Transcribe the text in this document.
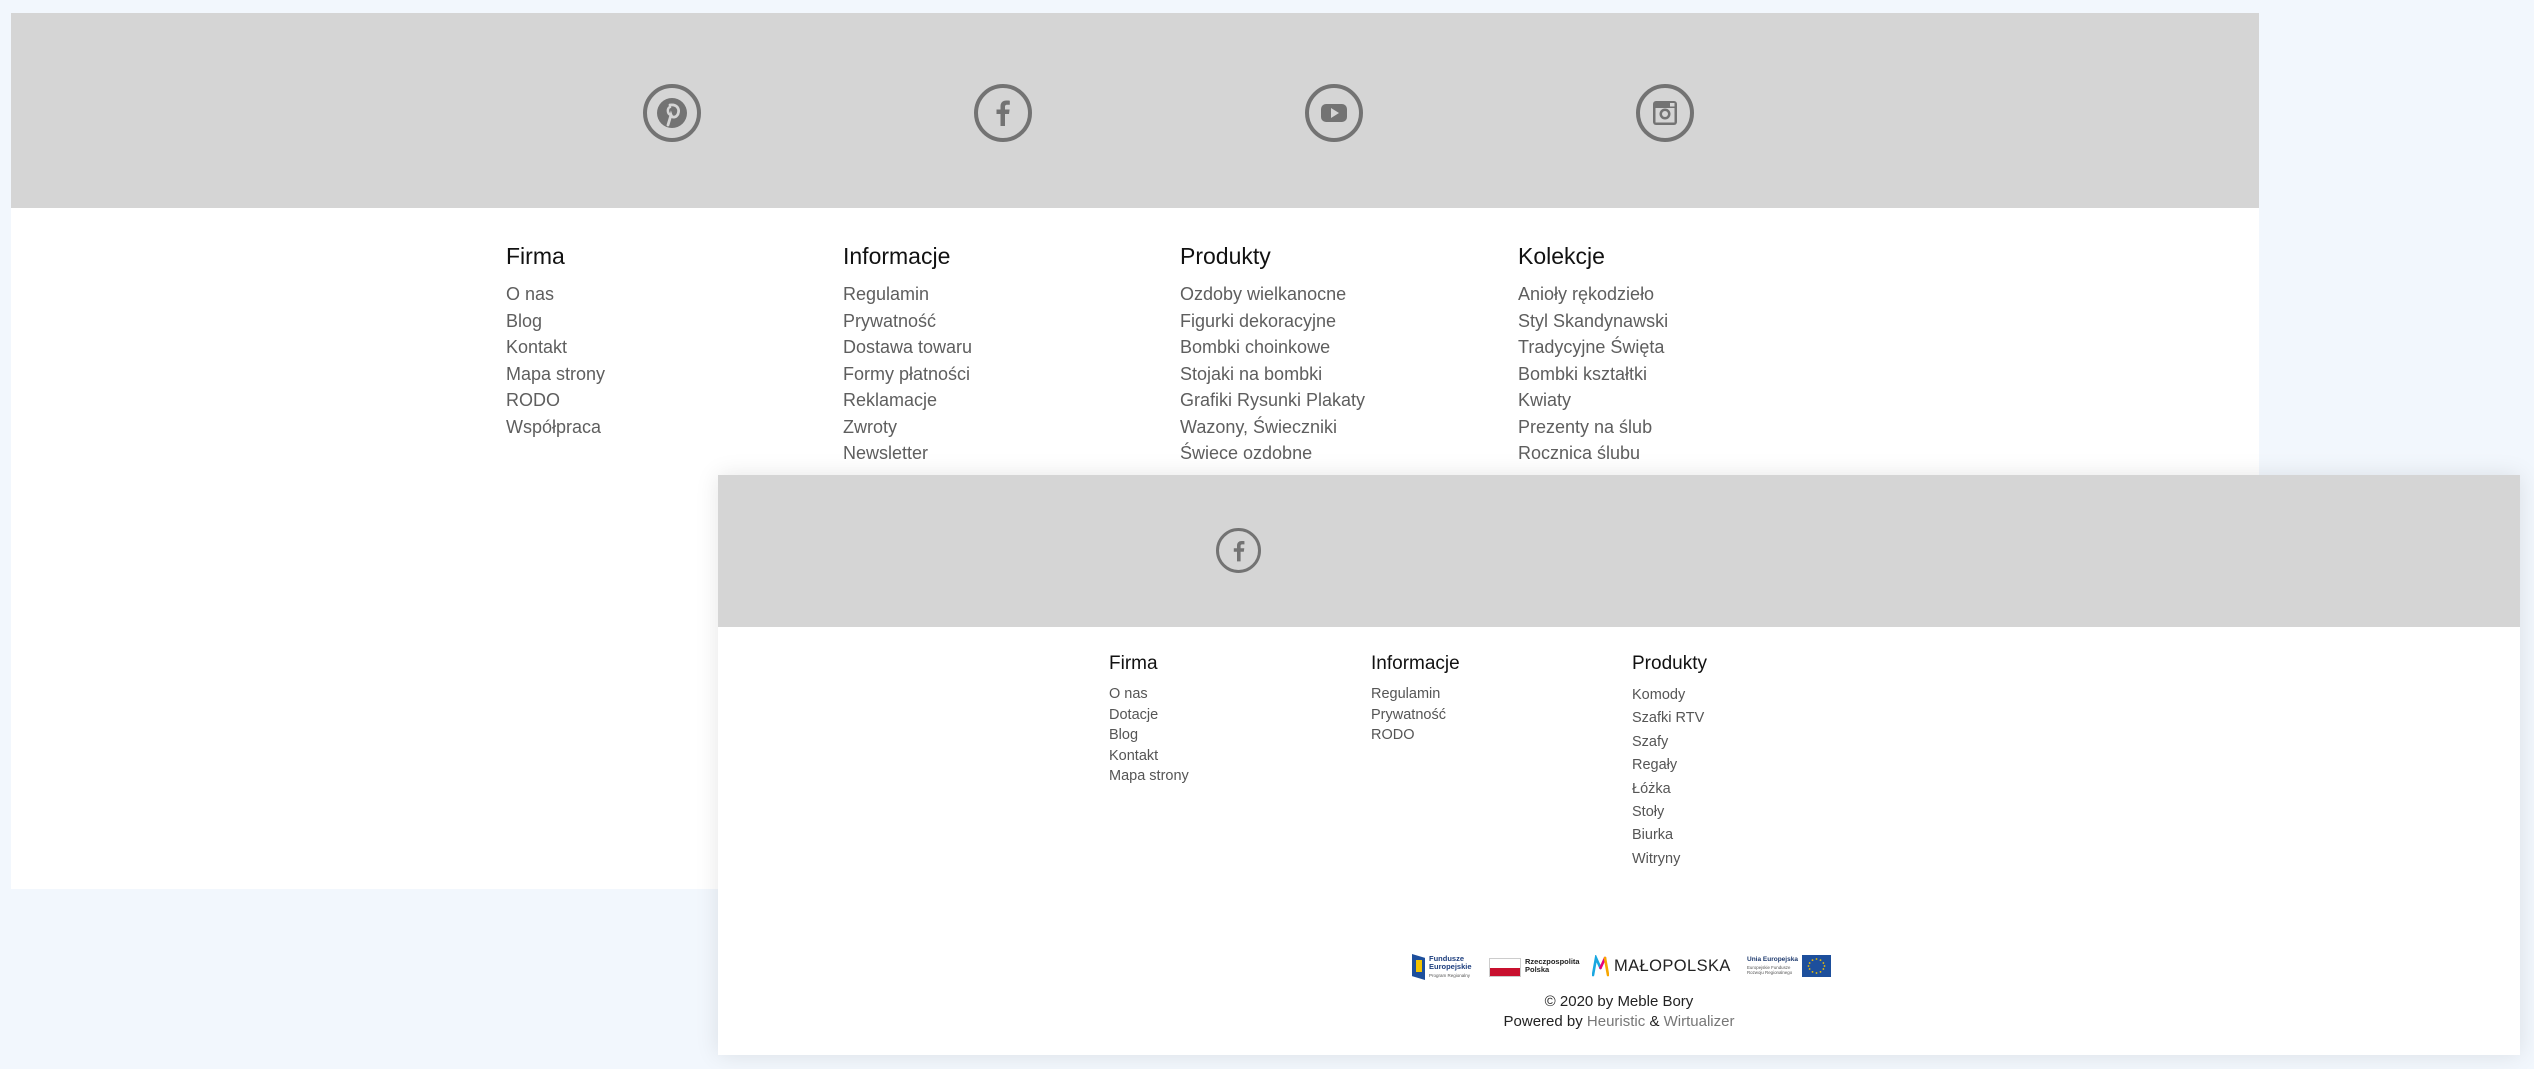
Firma
O nas
Blog
Kontakt
Mapa strony
RODO
Współpraca
Informacje
Regulamin
Prywatność
Dostawa towaru
Formy płatności
Reklamacje
Zwroty
Newsletter
Produkty
Ozdoby wielkanocne
Figurki dekoracyjne
Bombki choinkowe
Stojaki na bombki
Grafiki Rysunki Plakaty
Wazony, Świeczniki
Świece ozdobne
Kolekcje
Anioły rękodzieło
Styl Skandynawski
Tradycyjne Święta
Bombki kształtki
Kwiaty
Prezenty na ślub
Rocznica ślubu
Firma
O nas
Dotacje
Blog
Kontakt
Mapa strony
Informacje
Regulamin
Prywatność
RODO
Produkty
Komody
Szafki RTV
Szafy
Regały
Łóżka
Stoły
Biurka
Witryny
Fundusze Europejskie
Program Regionalny
Rzeczpospolita Polska	MAŁOPOLSKA Unia Europejska
Europejskie Fundusze Rozwoju Regionalnego
© 2020 by Meble Bory
Powered by Heuristic & Wirtualizer
